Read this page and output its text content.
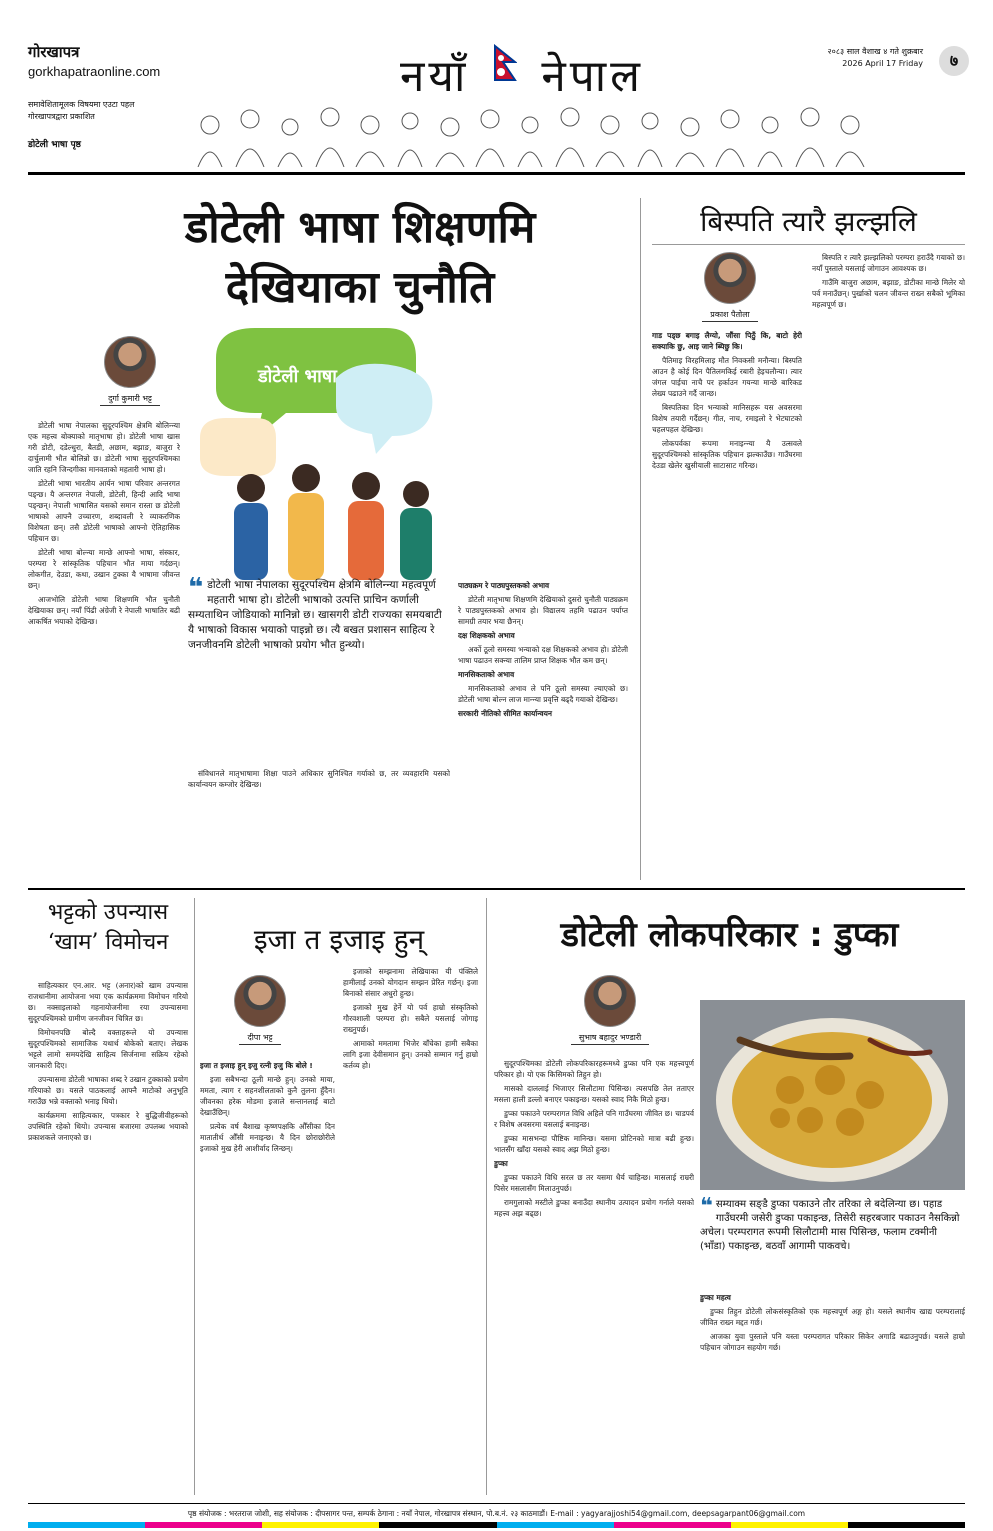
गोरखापत्र
gorkhapatraonline.com
समावेशितामूलक विषयमा एउटा पहल
गोरखापत्रद्वारा प्रकाशित
डोटेली भाषा पृष्ठ
नयाँ नेपाल	२०८३ साल वैशाख ४ गते शुक्रबार
2026 April 17 Friday	७
डोटेली भाषा शिक्षणमि
देखियाका चुनौति
दुर्गा कुमारी भट्ट

डोटेली भाषा नेपालका सुदूरपश्चिम क्षेत्रमि बोलिन्न्या एक महत्त्व बोक्याको मातृभाषा हो। डोटेली भाषा खास गरी डोटी, दडेल्धुरा, बैतडी, अछाम, बझाङ, बाजुरा रे दार्चुलामी भौत बोलिन्नो छ। डोटेली भाषा सुदूरपश्चिमका जाति रहनि जिन्दगीका मानवताको महतारी भाषा हो।

डोटेली भाषा भारतीय आर्यन भाषा परिवार अन्तरगत पड्न्छ। यै अन्तरगत नेपाली, डोटेली, हिन्दी आदि भाषा पड्न्छन्। नेपाली भाषासित यसको समान रास्ता छ डोटेली भाषाको आफ्नै उच्चारण, शब्दावली रे व्याकरणिक विशेषता छन्। तसै डोटेली भाषाको आफ्नो ऐतिहासिक पहिचान छ।

डोटेली भाषा बोल्न्या मान्छे आफ्नो भाषा, संस्कार, परम्परा रे सांस्कृतिक पहिचान भौत माया गर्दछन्। लोकगीत, देउडा, कथा, उखान टुक्का यै भाषामा जीवन्त छन्।

आजभोलि डोटेली भाषा शिक्षणमि भौत चुनौती देखियाका छन्। नयाँ पिंढी अंग्रेजी रे नेपाली भाषातिर बढी आकर्षित भयाको देखिन्छ।

डोटेली भाषा
❝ डोटेली भाषा नेपालका सुदूरपश्चिम क्षेत्रमि बोलिन्न्या महत्वपूर्ण महतारी भाषा हो। डोटेली भाषाको उत्पत्ति प्राचिन कर्णाली सम्यताथिन जोडियाको मानिन्नो छ। खासगरी डोटी राज्यका समयबाटी यै भाषाको विकास भयाको पाइन्नो छ। त्यै बखत प्रशासन साहित्य रे जनजीवनमि डोटेली भाषाको प्रयोग भौत हुन्थ्यो।

संविधानले मातृभाषामा शिक्षा पाउने अधिकार सुनिश्चित गर्याको छ, तर व्यवहारमि यसको कार्यान्वयन कम्जोर देखिन्छ।

पाठ्यक्रम रे पाठ्यपुस्तकको अभाव

डोटेली मातृभाषा शिक्षणमि देखियाको दुसरो चुनौती पाठ्यक्रम रे पाठ्यपुस्तकको अभाव हो। विद्यालय तहमि पढाउन पर्याप्त सामग्री तयार भया छैनन्।

दक्ष शिक्षकको अभाव

अर्को ठूलो समस्या भन्याको दक्ष शिक्षकको अभाव हो। डोटेली भाषा पढाउन सक्न्या तालिम प्राप्त शिक्षक भौत कम छन्।

मानसिकताको अभाव

मानसिकताको अभाव ले पनि ठूलो समस्या ल्याएको छ। डोटेली भाषा बोल्न लाज मान्न्या प्रवृत्ति बढ्दै गयाको देखिन्छ।

सरकारी नीतिको सीमित कार्यान्वयन

बिस्पति त्यारै झल्झलि
प्रकाश पैतोला

गाड पड्छ बगाइ लैग्यो, जौंसा पिठुँ कि, बाटो हेरी सक्याकि छु, आइ जाने ब्यिछु कि।

पैतिमाइ विरहमिलाइ मौत निवकसी मनौन्या। बिस्पति आउन है कोई दिन पैतिलमकिई रबारी हेइचलौन्या। त्यार जंगल पाईचा नाचै पर हर्काउन गयन्या मान्छे बारिकड लेख्य पढाउने गर्दै जान्छ।

बिस्पतिका दिन भन्याको मानिसहरू यस अवसरमा विशेष तयारी गर्दैछन्। गीत, नाच, रमाइलो रे भेटघाटको चहलपहल देखिन्छ।

लोकपर्वका रूपमा मनाइन्न्या यै उत्सवले सुदूरपश्चिमको सांस्कृतिक पहिचान झल्काउँछ। गाउँघरमा देउडा खेलेर खुसीयाली साटासाट गरिन्छ।

बिस्पति र त्यारै झल्झलिको परम्परा हराउँदै गयाको छ। नयाँ पुस्ताले यसलाई जोगाउन आवश्यक छ।

गाउँमि बाजुरा अछाम, बझाङ, डोटीका मान्छे मिलेर यो पर्व मनाउँछन्। पुर्खाको चलन जीवन्त राख्न सबैको भूमिका महत्वपूर्ण छ।

भट्टको उपन्यास
‘खाम’ विमोचन

साहित्यकार एन.आर. भट्ट (अनार)को खाम उपन्यास राजधानीमा आयोजना भया एक कार्यक्रममा विमोचन गरियो छ। नक्साइलाको गहनायोजनीमा रया उपन्यासमा सुदूरपश्चिमको ग्रामीण जनजीवन चित्रित छ।

विमोचनपछि बोल्दै वक्ताहरूले यो उपन्यास सुदूरपश्चिमको सामाजिक यथार्थ बोकेको बताए। लेखक भट्टले लामो समयदेखि साहित्य सिर्जनामा सक्रिय रहेको जानकारी दिए।

उपन्यासमा डोटेली भाषाका शब्द रे उखान टुक्काको प्रयोग गरियाको छ। यसले पाठकलाई आफ्नै माटोको अनुभूति गराउँछ भन्ने वक्ताको भनाइ थियो।

कार्यक्रममा साहित्यकार, पत्रकार रे बुद्धिजीवीहरूको उपस्थिति रहेको थियो। उपन्यास बजारमा उपलब्ध भयाको प्रकाशकले जनाएको छ।

इजा त इजाइ हुन्
दीपा भट्ट

इजा त इजाइ हुन् इजु रत्नी इजु कि बोले !

इजा सबैभन्दा ठूली मान्छे हुन्। उनको माया, ममता, त्याग र सहनशीलताको कुनै तुलना हुँदैन। जीवनका हरेक मोडमा इजाले सन्तानलाई बाटो देखाउँछिन्।

प्रत्येक वर्ष बैशाख कृष्णपक्षकि औँसीका दिन मातातीर्थ औँसी मनाइन्छ। यै दिन छोराछोरीले इजाको मुख हेरी आशीर्वाद लिन्छन्।

इजाको सम्झनामा लेखियाका यी पंक्तिले हामीलाई उनको योगदान सम्झन प्रेरित गर्छन्। इजा बिनाको संसार अधुरो हुन्छ।

इजाको मुख हेर्ने यो पर्व हाम्रो संस्कृतिको गौरवशाली परम्परा हो। सबैले यसलाई जोगाइ राख्नुपर्छ।

आमाको ममतामा भिजेर बाँचेका हामी सबैका लागि इजा देवीसमान हुन्। उनको सम्मान गर्नु हाम्रो कर्तव्य हो।

डोटेली लोकपरिकार : डुप्का
सुभाष बहादुर भण्डारी
❝ सम्याक्म सङ्डै डुप्का पकाउने तौर तरिका ले बदेलिन्या छ। पहाड गाउँघरमी जसेरी डुप्का पकाइन्छ, तिसेरी सहरबजार पकाउन नैसकिन्नो अचेल। परम्परागत रूपमी सिलौटामी मास पिसिन्छ, फलाम टक्मीनी (भाँडा) पकाइन्छ, बठवाँ आगामी पाकवचे।

सुदूरपश्चिमका डोटेली लोकपरिकारहरूमध्ये डुप्का पनि एक महत्त्वपूर्ण परिकार हो। यो एक किसिमको तिहुन हो।

मासको दाललाई भिजाएर सिलौटामा पिसिन्छ। त्यसपछि तेल तताएर मसला हाली डल्लो बनाएर पकाइन्छ। यसको स्वाद निकै मिठो हुन्छ।

डुप्का पकाउने परम्परागत विधि अहिले पनि गाउँघरमा जीवित छ। चाडपर्व र विशेष अवसरमा यसलाई बनाइन्छ।

डुप्का मासभन्दा पौष्टिक मानिन्छ। यसमा प्रोटिनको मात्रा बढी हुन्छ। भातसँग खाँदा यसको स्वाद अझ मिठो हुन्छ।

डुप्का

डुप्का पकाउने विधि सरल छ तर यसमा धैर्य चाहिन्छ। मासलाई राम्ररी पिसेर मसलासँग मिलाउनुपर्छ।

रामगुलाको मस्टीले डुप्का बनाउँदा स्थानीय उत्पादन प्रयोग गर्नाले यसको महत्त्व अझ बढ्छ।

डुप्का महत्व

डुप्का तिहुन डोटेली लोकसंस्कृतिको एक महत्त्वपूर्ण अङ्ग हो। यसले स्थानीय खाद्य परम्परालाई जीवित राख्न मद्दत गर्छ।

आजका युवा पुस्ताले पनि यस्ता परम्परागत परिकार सिकेर अगाडि बढाउनुपर्छ। यसले हाम्रो पहिचान जोगाउन सहयोग गर्छ।

पृष्ठ संयोजक : भरतराज जोशी, सह संयोजक : दीपसागर पन्त, सम्पर्क ठेगाना : नयाँ नेपाल, गोरखापत्र संस्थान, पो.ब.नं. २३ काठमाडौं। E-mail : yagyarajjoshi54@gmail.com, deepsagarpant06@gmail.com
